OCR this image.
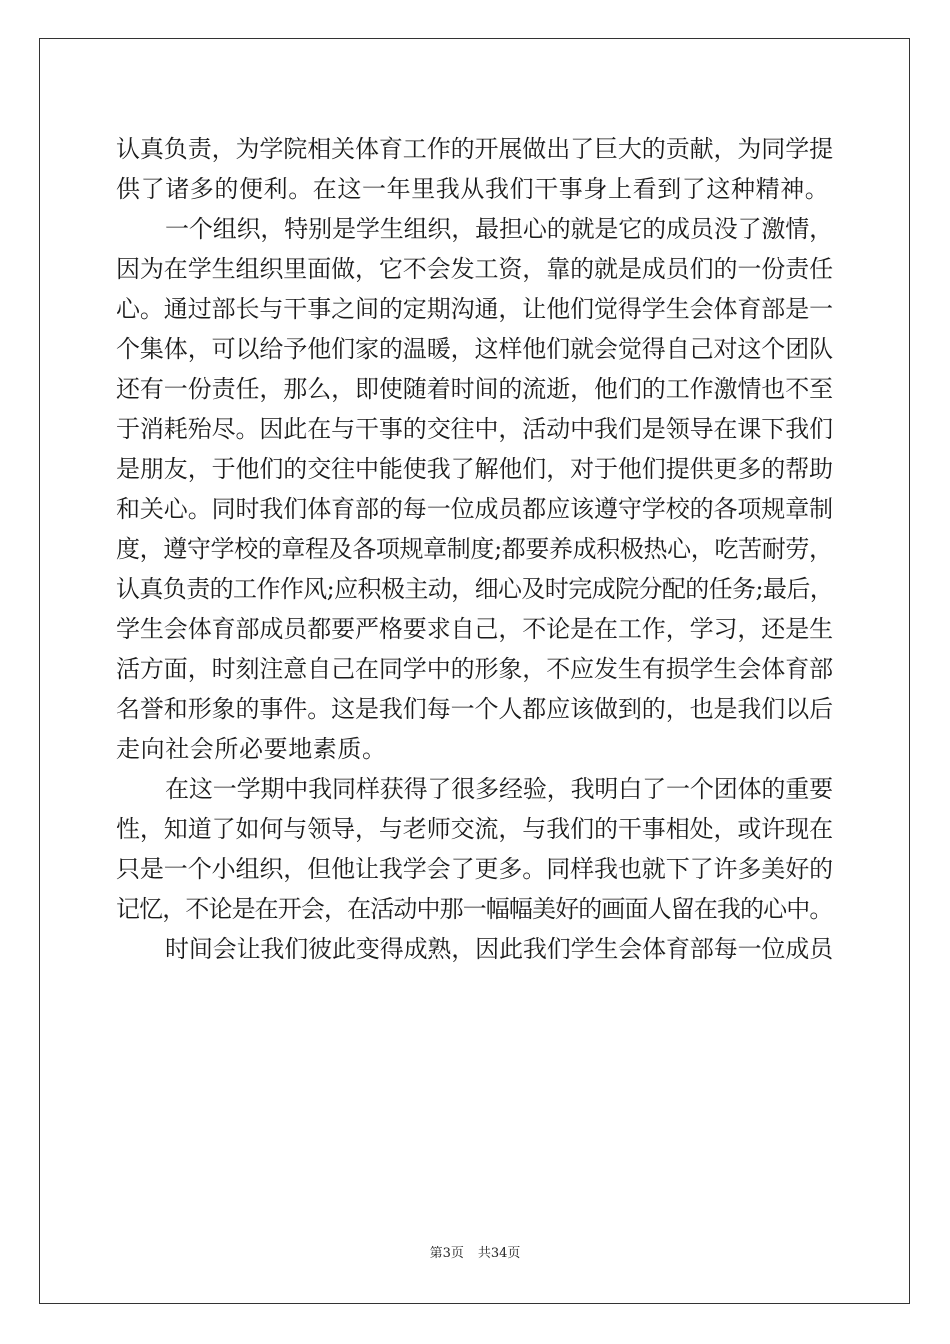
认真负责，为学院相关体育工作的开展做出了巨大的贡献，为同学提
供了诸多的便利。在这一年里我从我们干事身上看到了这种精神。
一个组织，特别是学生组织，最担心的就是它的成员没了激情，
因为在学生组织里面做，它不会发工资，靠的就是成员们的一份责任
心。通过部长与干事之间的定期沟通，让他们觉得学生会体育部是一
个集体，可以给予他们家的温暖，这样他们就会觉得自己对这个团队
还有一份责任，那么，即使随着时间的流逝，他们的工作激情也不至
于消耗殆尽。因此在与干事的交往中，活动中我们是领导在课下我们
是朋友，于他们的交往中能使我了解他们，对于他们提供更多的帮助
和关心。同时我们体育部的每一位成员都应该遵守学校的各项规章制
度，遵守学校的章程及各项规章制度;都要养成积极热心，吃苦耐劳，
认真负责的工作作风;应积极主动，细心及时完成院分配的任务;最后，
学生会体育部成员都要严格要求自己，不论是在工作，学习，还是生
活方面，时刻注意自己在同学中的形象，不应发生有损学生会体育部
名誉和形象的事件。这是我们每一个人都应该做到的，也是我们以后
走向社会所必要地素质。
在这一学期中我同样获得了很多经验，我明白了一个团体的重要
性，知道了如何与领导，与老师交流，与我们的干事相处，或许现在
只是一个小组织，但他让我学会了更多。同样我也就下了许多美好的
记忆，不论是在开会，在活动中那一幅幅美好的画面人留在我的心中。
时间会让我们彼此变得成熟，因此我们学生会体育部每一位成员
第3页 共34页
